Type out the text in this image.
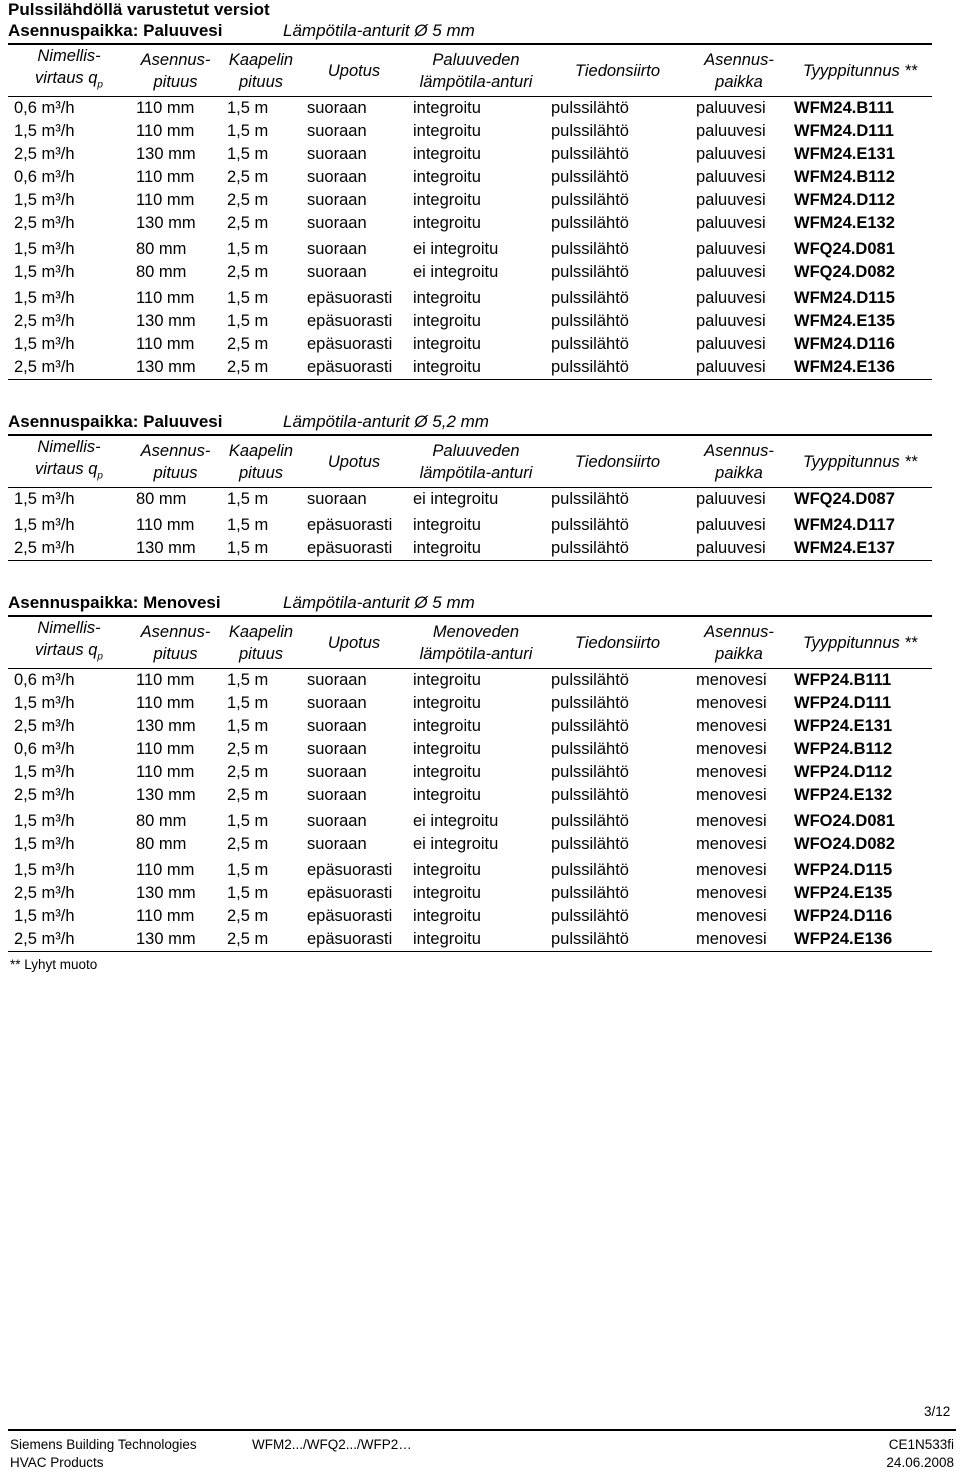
Pulssilähdöllä varustetut versiot
Asennuspaikka: Paluuvesi	Lämpötila-anturit Ø 5 mm
Nimellis-
virtaus $q_p$	Asennus-
pituus	Kaapelin
pituus	Upotus	Paluuveden
lämpötila-anturi	Tiedonsiirto	Asennus-
paikka	Tyyppitunnus **
0,6 m³/h	110 mm	1,5 m	suoraan	integroitu	pulssilähtö	paluuvesi	WFM24.B111
1,5 m³/h	110 mm	1,5 m	suoraan	integroitu	pulssilähtö	paluuvesi	WFM24.D111
2,5 m³/h	130 mm	1,5 m	suoraan	integroitu	pulssilähtö	paluuvesi	WFM24.E131
0,6 m³/h	110 mm	2,5 m	suoraan	integroitu	pulssilähtö	paluuvesi	WFM24.B112
1,5 m³/h	110 mm	2,5 m	suoraan	integroitu	pulssilähtö	paluuvesi	WFM24.D112
2,5 m³/h	130 mm	2,5 m	suoraan	integroitu	pulssilähtö	paluuvesi	WFM24.E132
1,5 m³/h	80 mm	1,5 m	suoraan	ei integroitu	pulssilähtö	paluuvesi	WFQ24.D081
1,5 m³/h	80 mm	2,5 m	suoraan	ei integroitu	pulssilähtö	paluuvesi	WFQ24.D082
1,5 m³/h	110 mm	1,5 m	epäsuorasti	integroitu	pulssilähtö	paluuvesi	WFM24.D115
2,5 m³/h	130 mm	1,5 m	epäsuorasti	integroitu	pulssilähtö	paluuvesi	WFM24.E135
1,5 m³/h	110 mm	2,5 m	epäsuorasti	integroitu	pulssilähtö	paluuvesi	WFM24.D116
2,5 m³/h	130 mm	2,5 m	epäsuorasti	integroitu	pulssilähtö	paluuvesi	WFM24.E136
Asennuspaikka: Paluuvesi	Lämpötila-anturit Ø 5,2 mm
Nimellis-
virtaus $q_p$	Asennus-
pituus	Kaapelin
pituus	Upotus	Paluuveden
lämpötila-anturi	Tiedonsiirto	Asennus-
paikka	Tyyppitunnus **
1,5 m³/h	80 mm	1,5 m	suoraan	ei integroitu	pulssilähtö	paluuvesi	WFQ24.D087
1,5 m³/h	110 mm	1,5 m	epäsuorasti	integroitu	pulssilähtö	paluuvesi	WFM24.D117
2,5 m³/h	130 mm	1,5 m	epäsuorasti	integroitu	pulssilähtö	paluuvesi	WFM24.E137
Asennuspaikka: Menovesi	Lämpötila-anturit Ø 5 mm
Nimellis-
virtaus $q_p$	Asennus-
pituus	Kaapelin
pituus	Upotus	Menoveden
lämpötila-anturi	Tiedonsiirto	Asennus-
paikka	Tyyppitunnus **
0,6 m³/h	110 mm	1,5 m	suoraan	integroitu	pulssilähtö	menovesi	WFP24.B111
1,5 m³/h	110 mm	1,5 m	suoraan	integroitu	pulssilähtö	menovesi	WFP24.D111
2,5 m³/h	130 mm	1,5 m	suoraan	integroitu	pulssilähtö	menovesi	WFP24.E131
0,6 m³/h	110 mm	2,5 m	suoraan	integroitu	pulssilähtö	menovesi	WFP24.B112
1,5 m³/h	110 mm	2,5 m	suoraan	integroitu	pulssilähtö	menovesi	WFP24.D112
2,5 m³/h	130 mm	2,5 m	suoraan	integroitu	pulssilähtö	menovesi	WFP24.E132
1,5 m³/h	80 mm	1,5 m	suoraan	ei integroitu	pulssilähtö	menovesi	WFO24.D081
1,5 m³/h	80 mm	2,5 m	suoraan	ei integroitu	pulssilähtö	menovesi	WFO24.D082
1,5 m³/h	110 mm	1,5 m	epäsuorasti	integroitu	pulssilähtö	menovesi	WFP24.D115
2,5 m³/h	130 mm	1,5 m	epäsuorasti	integroitu	pulssilähtö	menovesi	WFP24.E135
1,5 m³/h	110 mm	2,5 m	epäsuorasti	integroitu	pulssilähtö	menovesi	WFP24.D116
2,5 m³/h	130 mm	2,5 m	epäsuorasti	integroitu	pulssilähtö	menovesi	WFP24.E136
** Lyhyt muoto
3/12
Siemens Building Technologies
HVAC Products
WFM2.../WFQ2.../WFP2…	CE1N533fi
24.06.2008
